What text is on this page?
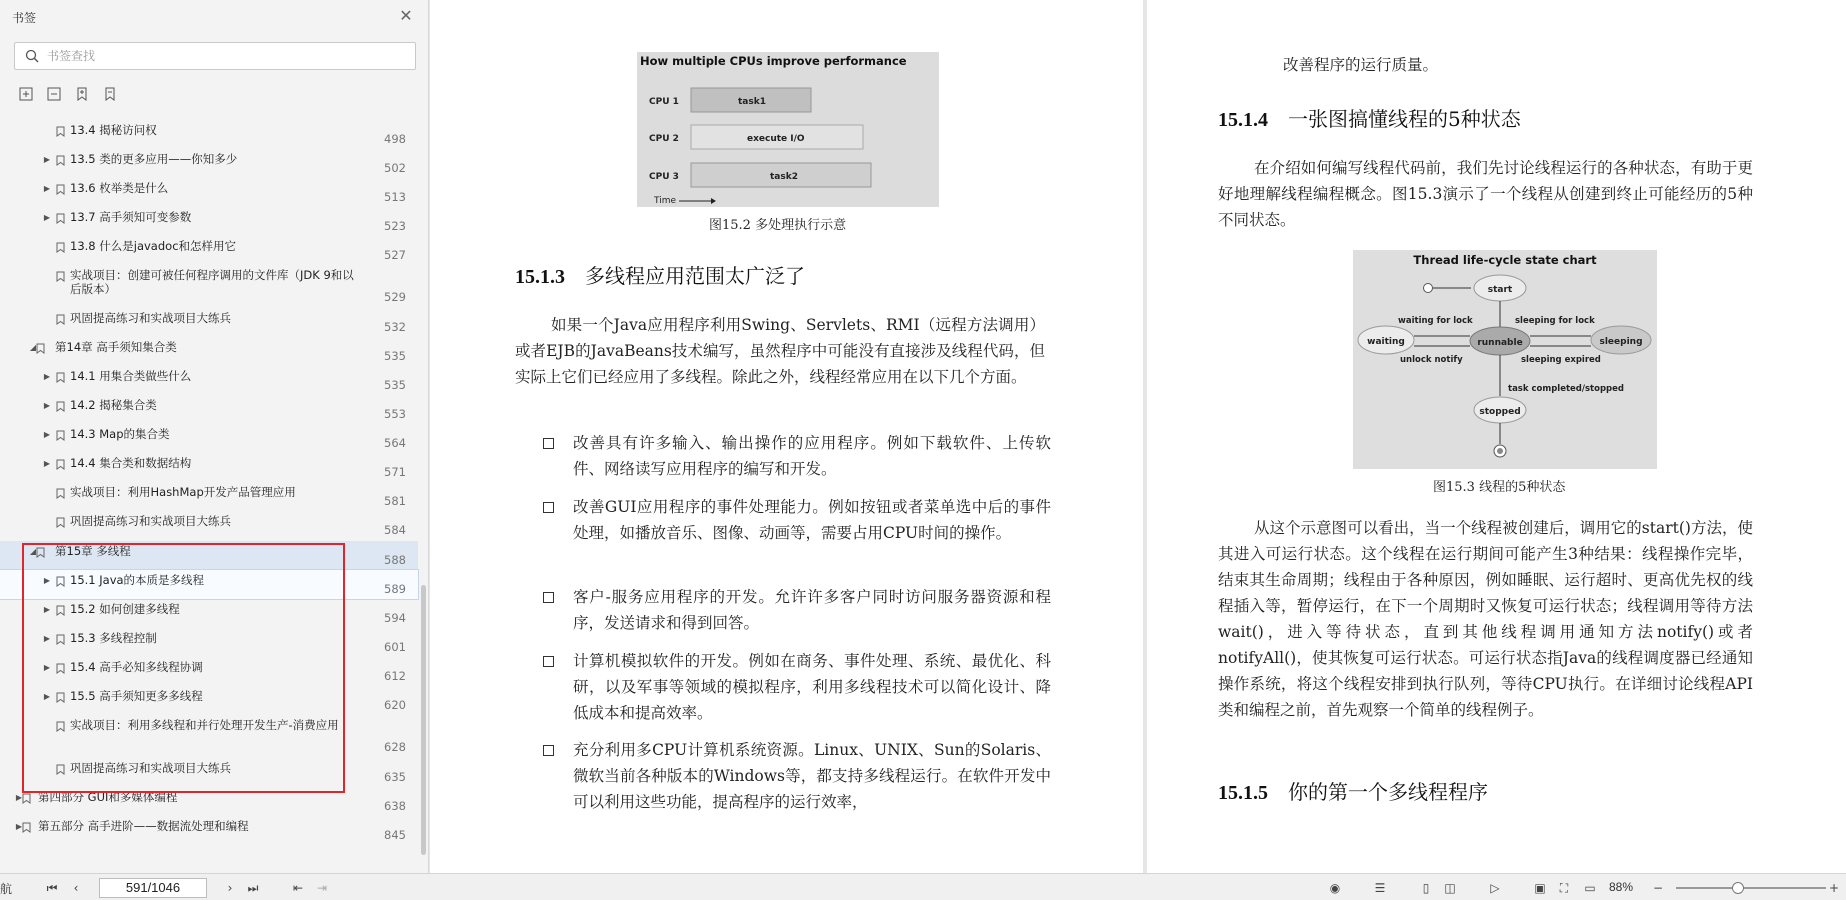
书签	✕
书签查找
13.4 揭秘访问权
498
▶ 13.5 类的更多应用——你知多少
502
▶ 13.6 枚举类是什么
513
▶ 13.7 高手须知可变参数
523
13.8 什么是javadoc和怎样用它
527
实战项目：创建可被任何程序调用的文件库（JDK 9和以后版本）
529
巩固提高练习和实战项目大练兵
532
◢ 第14章 高手须知集合类
535
▶ 14.1 用集合类做些什么
535
▶ 14.2 揭秘集合类
553
▶ 14.3 Map的集合类
564
▶ 14.4 集合类和数据结构
571
实战项目：利用HashMap开发产品管理应用
581
巩固提高练习和实战项目大练兵
584
◢ 第15章 多线程
588
▶ 15.1 Java的本质是多线程
589
▶ 15.2 如何创建多线程
594
▶ 15.3 多线程控制
601
▶ 15.4 高手必知多线程协调
612
▶ 15.5 高手须知更多多线程
620
实战项目：利用多线程和并行处理开发生产-消费应用
628
巩固提高练习和实战项目大练兵
635
▶ 第四部分 GUI和多媒体编程
638
▶ 第五部分 高手进阶——数据流处理和编程
845
How multiple CPUs improve performance
CPU 1	task1
CPU 2	execute I/O
CPU 3	task2
Time
图15.2 多处理执行示意
15.1.3 多线程应用范围太广泛了
如果一个Java应用程序利用Swing、Servlets、RMI（远程方法调用）或者EJB的JavaBeans技术编写，虽然程序中可能没有直接涉及线程代码，但实际上它们已经应用了多线程。除此之外，线程经常应用在以下几个方面。
改善具有许多输入、输出操作的应用程序。例如下载软件、上传软件、网络读写应用程序的编写和开发。
改善GUI应用程序的事件处理能力。例如按钮或者菜单选中后的事件处理，如播放音乐、图像、动画等，需要占用CPU时间的操作。
客户-服务应用程序的开发。允许许多客户同时访问服务器资源和程序，发送请求和得到回答。
计算机模拟软件的开发。例如在商务、事件处理、系统、最优化、科研，以及军事等领域的模拟程序，利用多线程技术可以简化设计、降低成本和提高效率。
充分利用多CPU计算机系统资源。Linux、UNIX、Sun的Solaris、微软当前各种版本的Windows等，都支持多线程运行。在软件开发中可以利用这些功能，提高程序的运行效率，
改善程序的运行质量。
15.1.4 一张图搞懂线程的5种状态
在介绍如何编写线程代码前，我们先讨论线程运行的各种状态，有助于更好地理解线程编程概念。图15.3演示了一个线程从创建到终止可能经历的5种不同状态。
Thread life-cycle state chart
start
runnable
waiting	sleeping
waiting for lock	sleeping for lock
unlock notify	sleeping expired
task completed/stopped
stopped
图15.3 线程的5种状态
从这个示意图可以看出，当一个线程被创建后，调用它的start()方法，使其进入可运行状态。这个线程在运行期间可能产生3种结果：线程操作完毕，结束其生命周期；线程由于各种原因，例如睡眠、运行超时、更高优先权的线程插入等，暂停运行，在下一个周期时又恢复可运行状态；线程调用等待方法wait()，进入等待状态，直到其他线程调用通知方法notify()或者notifyAll()，使其恢复可运行状态。可运行状态指Java的线程调度器已经通知操作系统，将这个线程安排到执行队列，等待CPU执行。在详细讨论线程API类和编程之前，首先观察一个简单的线程例子。
15.1.5 你的第一个多线程程序
航	⏮	‹	591/1046	›	⏭	⇤ ⇥	◉	☰	▯	◫	▷	▣	⛶	▭ 88% −	+
